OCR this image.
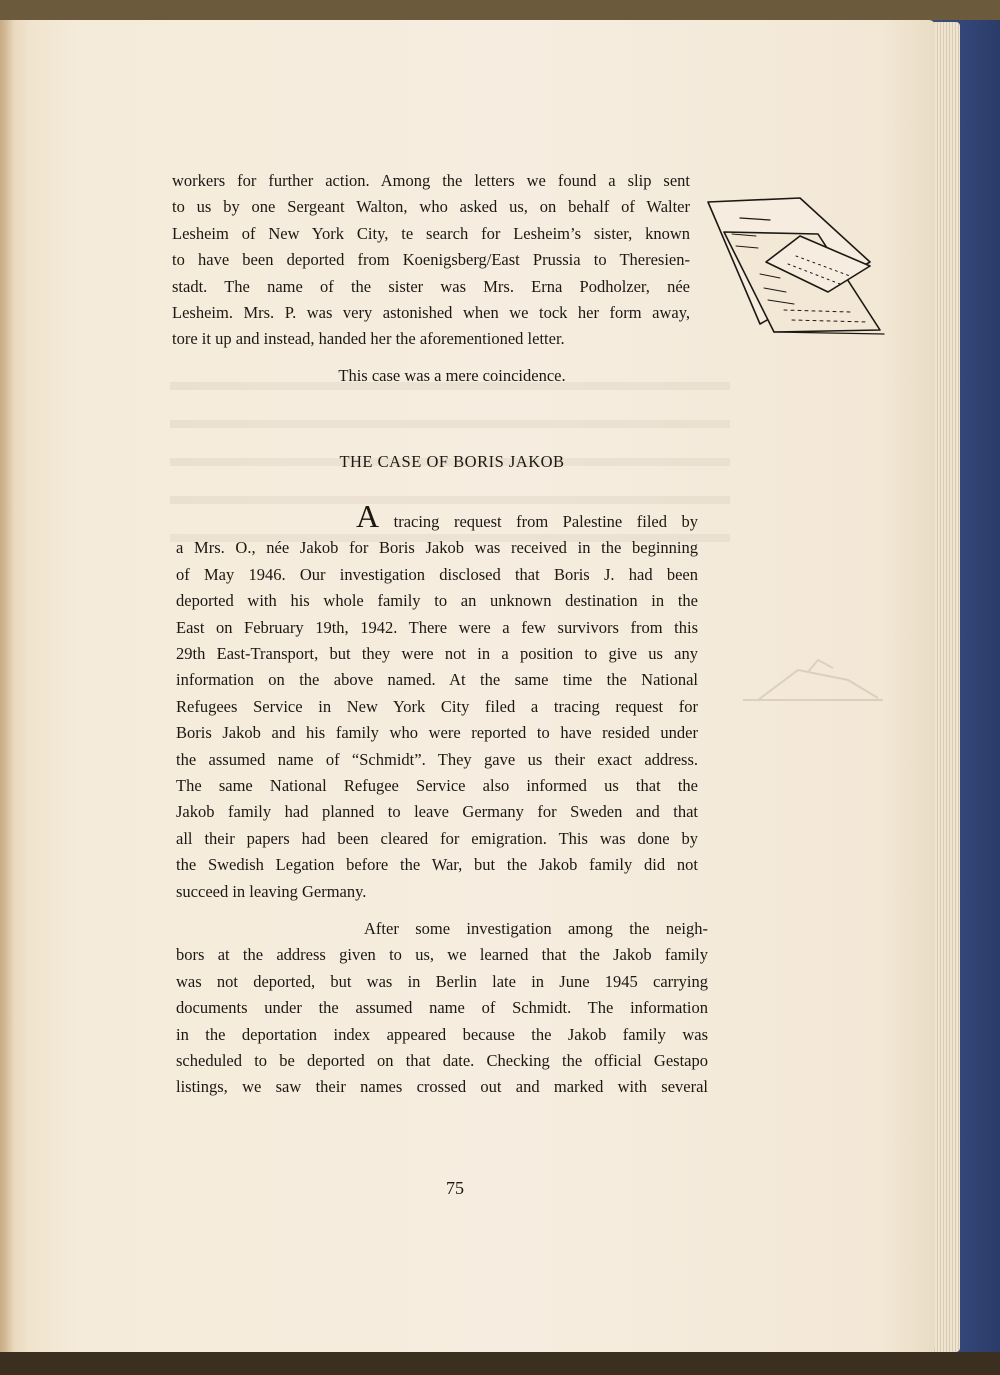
workers for further action. Among the letters we found a slip sent
to us by one Sergeant Walton, who asked us, on behalf of Walter
Lesheim of New York City, te search for Lesheim’s sister, known
to have been deported from Koenigsberg/East Prussia to Theresien-
stadt. The name of the sister was Mrs. Erna Podholzer, née
Lesheim. Mrs. P. was very astonished when we tock her form away,
tore it up and instead, handed her the aforementioned letter.
This case was a mere coincidence.
THE CASE OF BORIS JAKOB
A tracing request from Palestine filed by
a Mrs. O., née Jakob for Boris Jakob was received in the beginning
of May 1946. Our investigation disclosed that Boris J. had been
deported with his whole family to an unknown destination in the
East on February 19th, 1942. There were a few survivors from this
29th East-Transport, but they were not in a position to give us any
information on the above named. At the same time the National
Refugees Service in New York City filed a tracing request for
Boris Jakob and his family who were reported to have resided under
the assumed name of “Schmidt”. They gave us their exact address.
The same National Refugee Service also informed us that the
Jakob family had planned to leave Germany for Sweden and that
all their papers had been cleared for emigration. This was done by
the Swedish Legation before the War, but the Jakob family did not
succeed in leaving Germany.
After some investigation among the neigh-
bors at the address given to us, we learned that the Jakob family
was not deported, but was in Berlin late in June 1945 carrying
documents under the assumed name of Schmidt. The information
in the deportation index appeared because the Jakob family was
scheduled to be deported on that date. Checking the official Gestapo
listings, we saw their names crossed out and marked with several
75
